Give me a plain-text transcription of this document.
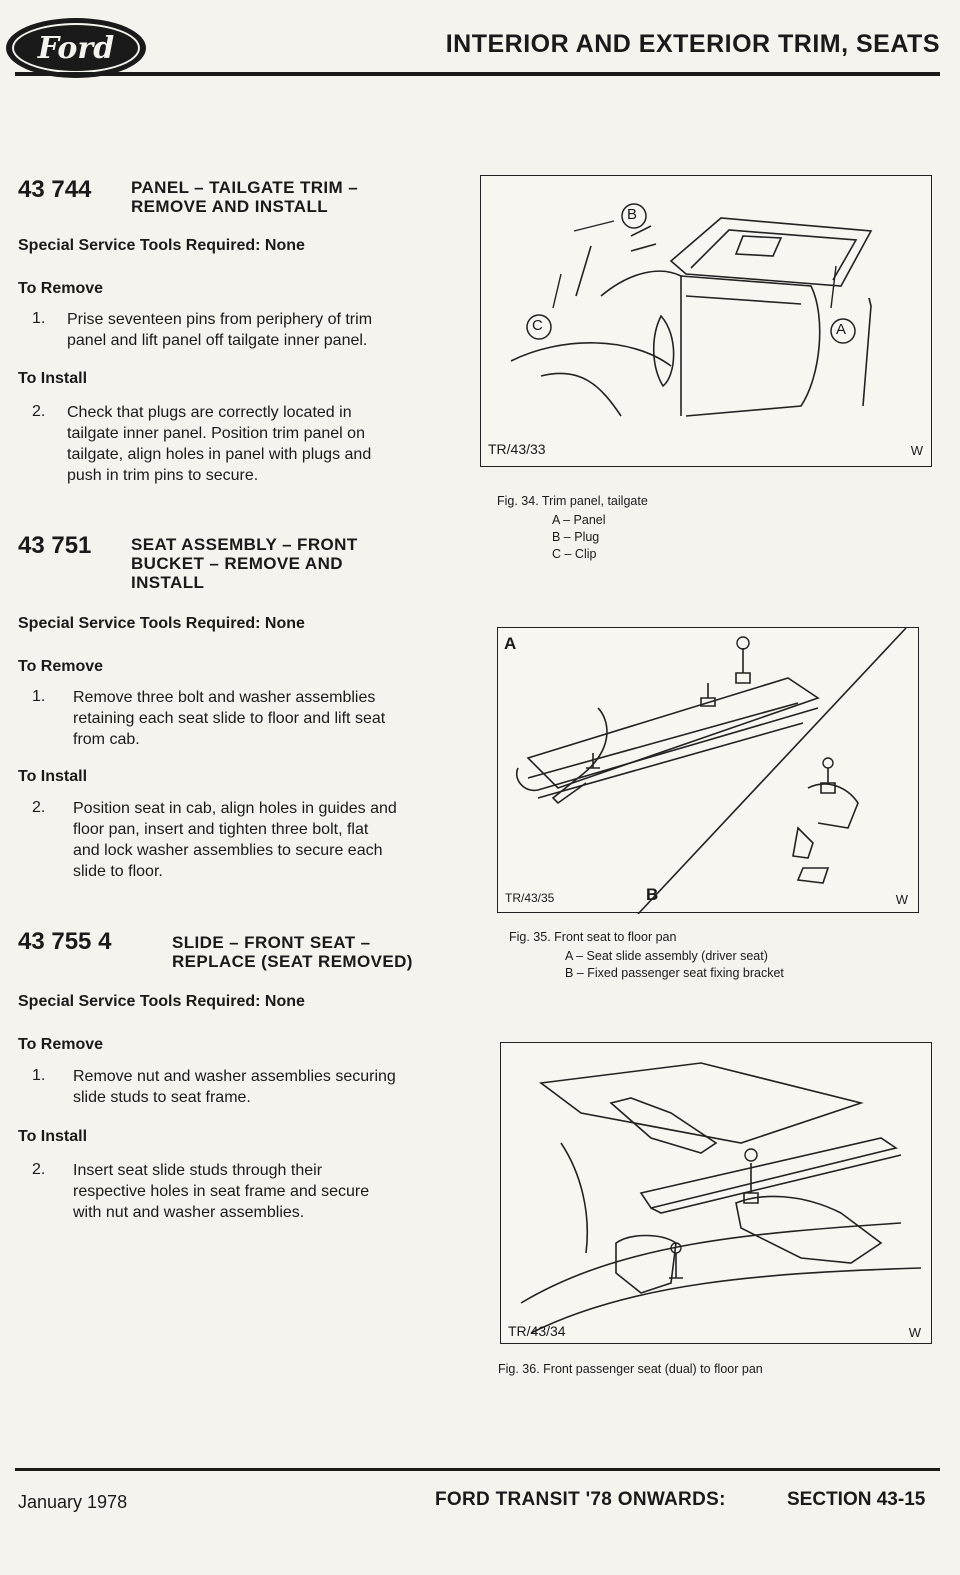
Ford	INTERIOR AND EXTERIOR TRIM, SEATS
43 744 PANEL – TAILGATE TRIM –
REMOVE AND INSTALL
Special Service Tools Required: None
To Remove
1. Prise seventeen pins from periphery of trim
panel and lift panel off tailgate inner panel.
To Install
2. Check that plugs are correctly located in
tailgate inner panel. Position trim panel on
tailgate, align holes in panel with plugs and
push in trim pins to secure.
43 751 SEAT ASSEMBLY – FRONT
BUCKET – REMOVE AND
INSTALL
Special Service Tools Required: None
To Remove
1. Remove three bolt and washer assemblies
retaining each seat slide to floor and lift seat
from cab.
To Install
2. Position seat in cab, align holes in guides and
floor pan, insert and tighten three bolt, flat
and lock washer assemblies to secure each
slide to floor.
43 755 4	SLIDE – FRONT SEAT –
REPLACE (SEAT REMOVED)
Special Service Tools Required: None
To Remove
1. Remove nut and washer assemblies securing
slide studs to seat frame.
To Install
2. Insert seat slide studs through their
respective holes in seat frame and secure
with nut and washer assemblies.
B
C	A
TR/43/33	W
Fig. 34. Trim panel, tailgate
A – Panel
B – Plug
C – Clip
A
B
TR/43/35	W
Fig. 35. Front seat to floor pan
A – Seat slide assembly (driver seat)
B – Fixed passenger seat fixing bracket
TR/43/34	W
Fig. 36. Front passenger seat (dual) to floor pan
January 1978	FORD TRANSIT '78 ONWARDS:	SECTION 43-15
